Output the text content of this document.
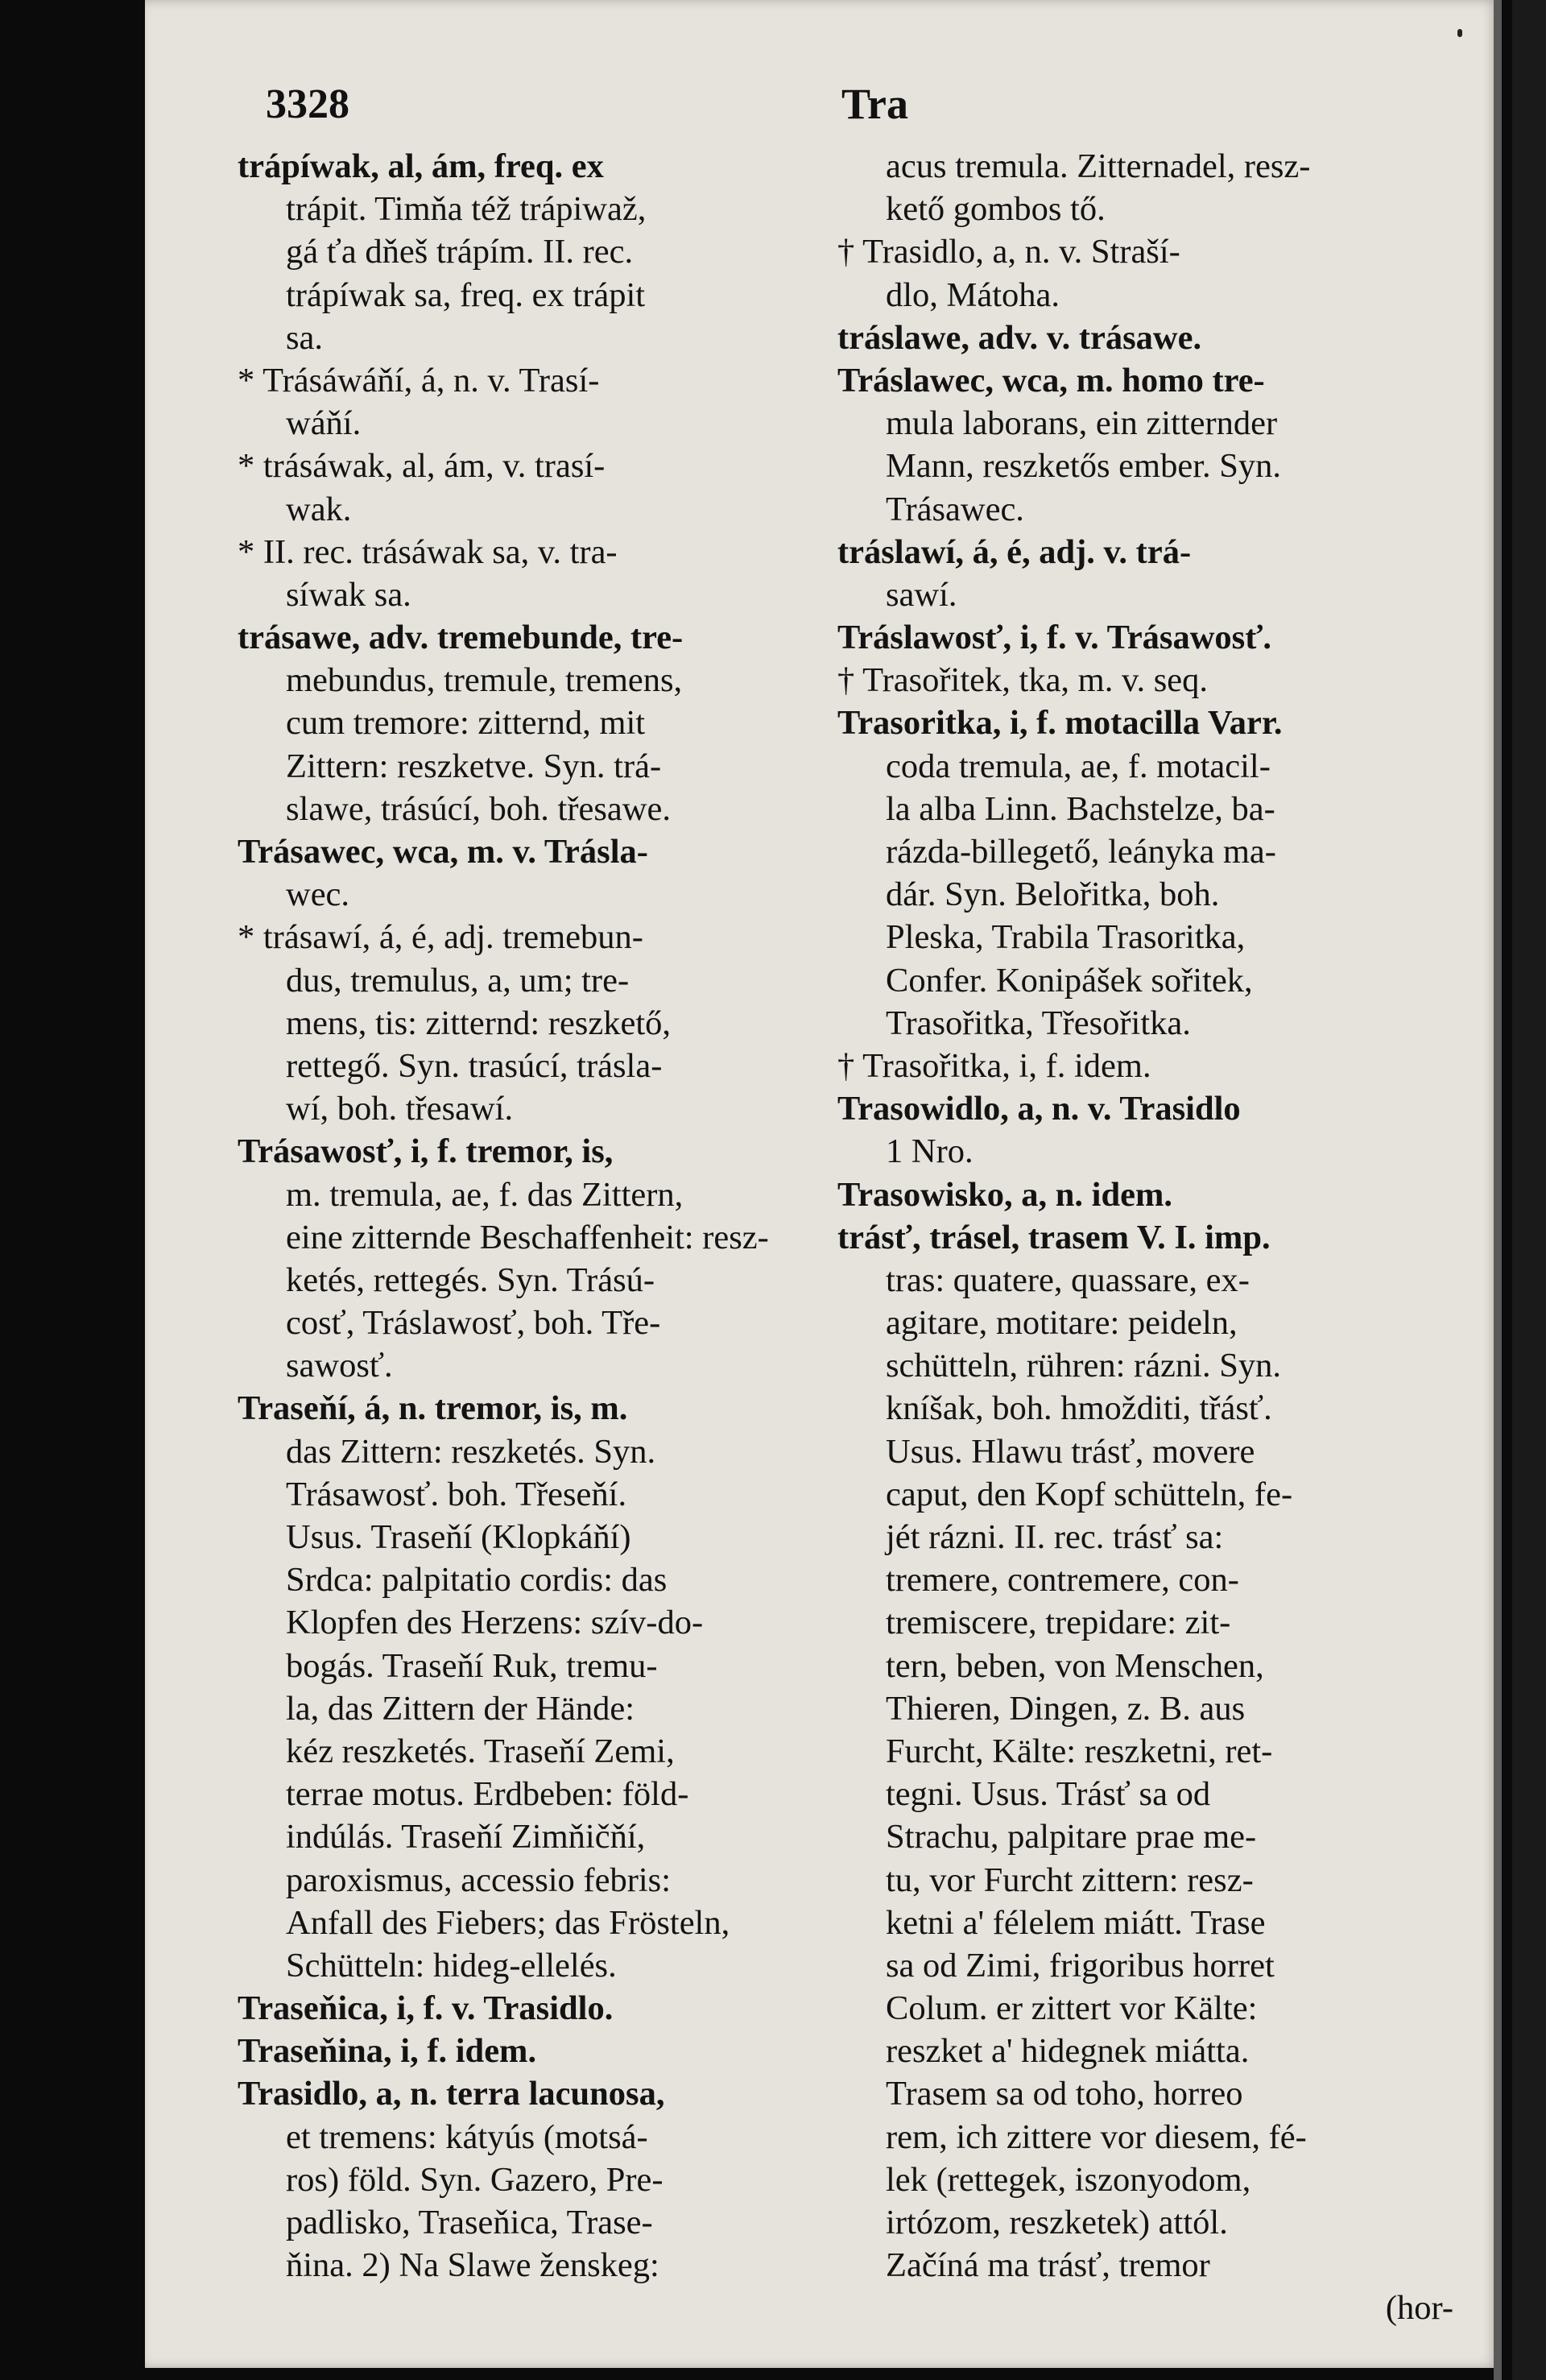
3328	Tra
trápíwak, al, ám, freq. ex
trápit. Timňa též trápiwaž,
gá ťa dňeš trápím. II. rec.
trápíwak sa, freq. ex trápit
sa.
* Trásáwáňí, á, n. v. Trasí-
wáňí.
* trásáwak, al, ám, v. trasí-
wak.
* II. rec. trásáwak sa, v. tra-
síwak sa.
trásawe, adv. tremebunde, tre-
mebundus, tremule, tremens,
cum tremore: zitternd, mit
Zittern: reszketve. Syn. trá-
slawe, trásúcí, boh. třesawe.
Trásawec, wca, m. v. Trásla-
wec.
* trásawí, á, é, adj. tremebun-
dus, tremulus, a, um; tre-
mens, tis: zitternd: reszkető,
rettegő. Syn. trasúcí, trásla-
wí, boh. třesawí.
Trásawosť, i, f. tremor, is,
m. tremula, ae, f. das Zittern,
eine zitternde Beschaffenheit: resz-
ketés, rettegés. Syn. Trású-
cosť, Tráslawosť, boh. Tře-
sawosť.
Traseňí, á, n. tremor, is, m.
das Zittern: reszketés. Syn.
Trásawosť. boh. Třeseňí.
Usus. Traseňí (Klopkáňí)
Srdca: palpitatio cordis: das
Klopfen des Herzens: szív-do-
bogás. Traseňí Ruk, tremu-
la, das Zittern der Hände:
kéz reszketés. Traseňí Zemi,
terrae motus. Erdbeben: föld-
indúlás. Traseňí Zimňičňí,
paroxismus, accessio febris:
Anfall des Fiebers; das Frösteln,
Schütteln: hideg-ellelés.
Traseňica, i, f. v. Trasidlo.
Traseňina, i, f. idem.
Trasidlo, a, n. terra lacunosa,
et tremens: kátyús (motsá-
ros) föld. Syn. Gazero, Pre-
padlisko, Traseňica, Trase-
ňina. 2) Na Slawe ženskeg:
acus tremula. Zitternadel, resz-
kető gombos tő.
† Trasidlo, a, n. v. Straší-
dlo, Mátoha.
tráslawe, adv. v. trásawe.
Tráslawec, wca, m. homo tre-
mula laborans, ein zitternder
Mann, reszketős ember. Syn.
Trásawec.
tráslawí, á, é, adj. v. trá-
sawí.
Tráslawosť, i, f. v. Trásawosť.
† Trasořitek, tka, m. v. seq.
Trasoritka, i, f. motacilla Varr.
coda tremula, ae, f. motacil-
la alba Linn. Bachstelze, ba-
rázda-billegető, leányka ma-
dár. Syn. Belořitka, boh.
Pleska, Trabila Trasoritka,
Confer. Konipášek sořitek,
Trasořitka, Třesořitka.
† Trasořitka, i, f. idem.
Trasowidlo, a, n. v. Trasidlo
1 Nro.
Trasowisko, a, n. idem.
trásť, trásel, trasem V. I. imp.
tras: quatere, quassare, ex-
agitare, motitare: peideln,
schütteln, rühren: rázni. Syn.
kníšak, boh. hmožditi, třásť.
Usus. Hlawu trásť, movere
caput, den Kopf schütteln, fe-
jét rázni. II. rec. trásť sa:
tremere, contremere, con-
tremiscere, trepidare: zit-
tern, beben, von Menschen,
Thieren, Dingen, z. B. aus
Furcht, Kälte: reszketni, ret-
tegni. Usus. Trásť sa od
Strachu, palpitare prae me-
tu, vor Furcht zittern: resz-
ketni a' félelem miátt. Trase
sa od Zimi, frigoribus horret
Colum. er zittert vor Kälte:
reszket a' hidegnek miátta.
Trasem sa od toho, horreo
rem, ich zittere vor diesem, fé-
lek (rettegek, iszonyodom,
irtózom, reszketek) attól.
Začíná ma trásť, tremor
(hor-
